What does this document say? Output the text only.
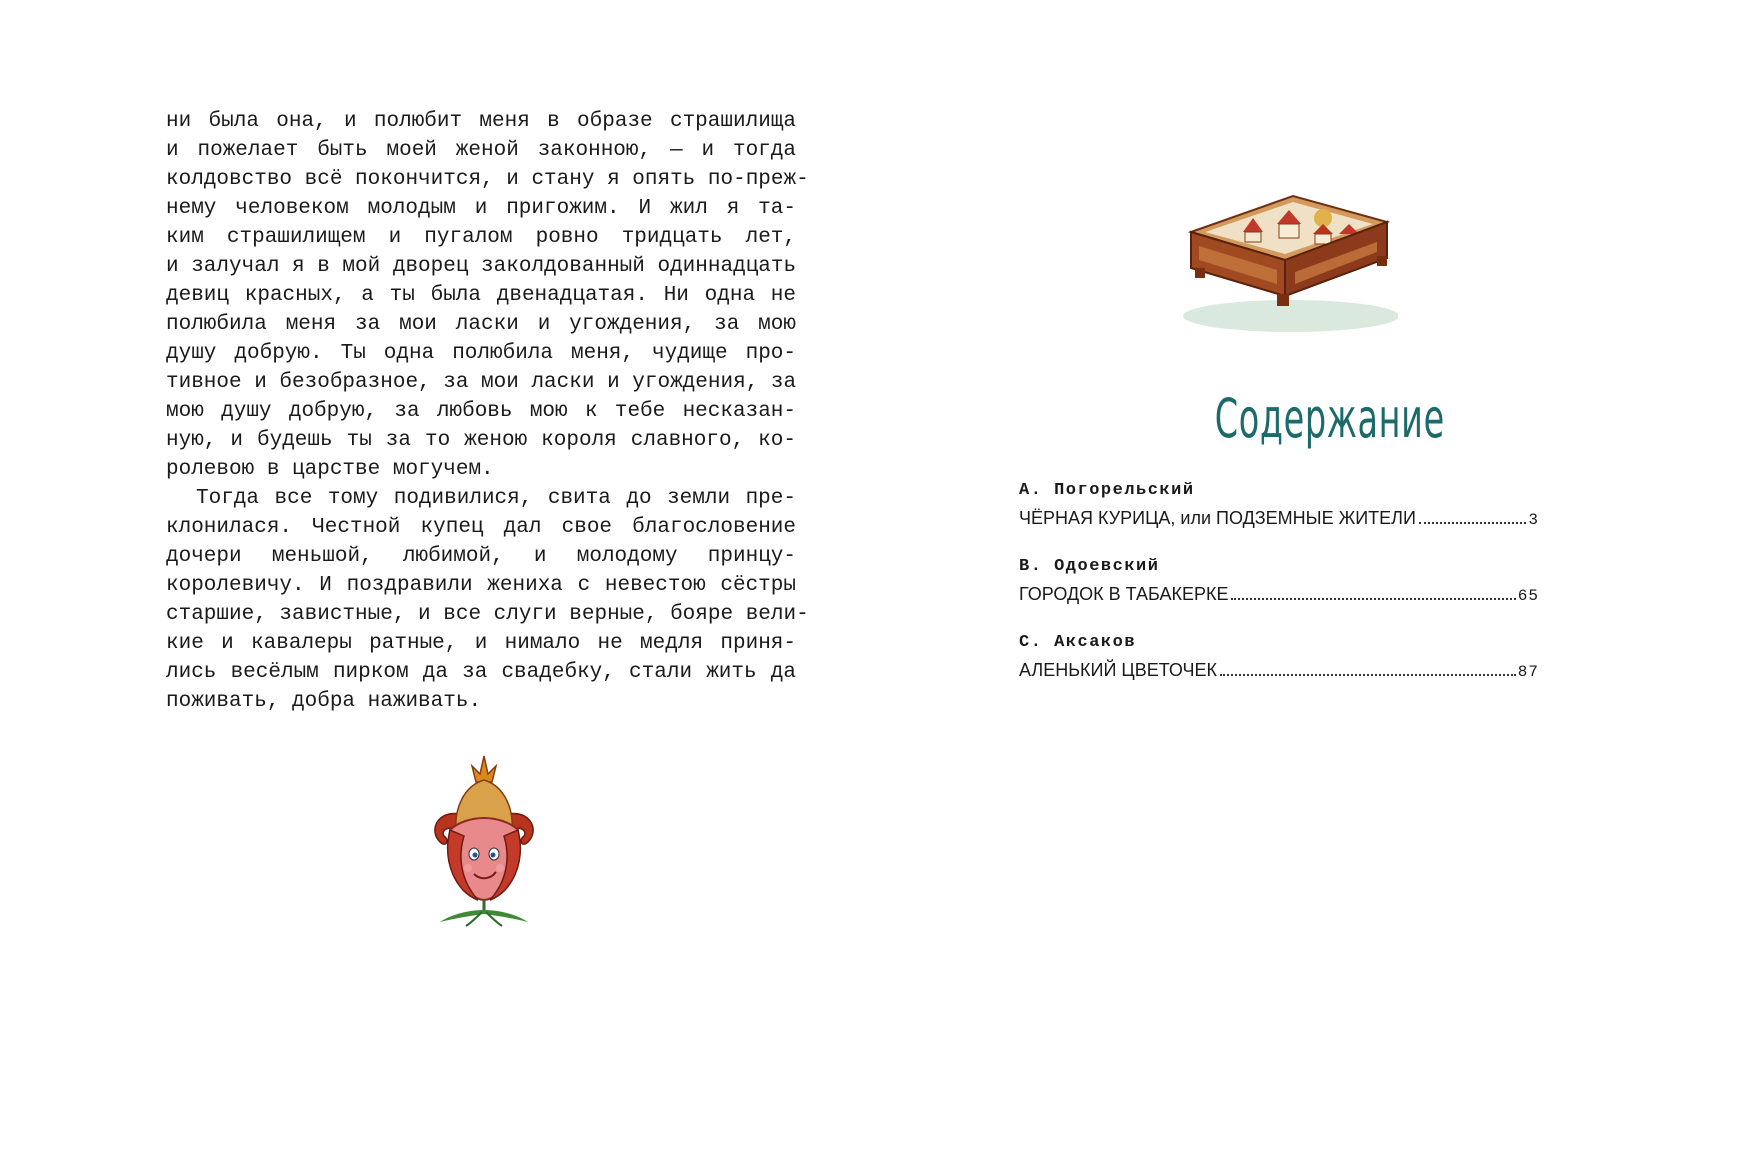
ни была она, и полюбит меня в образе страшилища
и пожелает быть моей женой законною, — и тогда
колдовство всё покончится, и стану я опять по-преж-
нему человеком молодым и пригожим. И жил я та-
ким страшилищем и пугалом ровно тридцать лет,
и залучал я в мой дворец заколдованный одиннадцать
девиц красных, а ты была двенадцатая. Ни одна не
полюбила меня за мои ласки и угождения, за мою
душу добрую. Ты одна полюбила меня, чудище про-
тивное и безобразное, за мои ласки и угождения, за
мою душу добрую, за любовь мою к тебе несказан-
ную, и будешь ты за то женою короля славного, ко-
ролевою в царстве могучем.
Тогда все тому подивилися, свита до земли пре-
клонилася. Честной купец дал свое благословение
дочери меньшой, любимой, и молодому принцу-
королевичу. И поздравили жениха с невестою сёстры
старшие, завистные, и все слуги верные, бояре вели-
кие и кавалеры ратные, и нимало не медля приня-
лись весёлым пирком да за свадебку, стали жить да
поживать, добра наживать.
Содержание
А. Погорельский
ЧЁРНАЯ КУРИЦА, или ПОДЗЕМНЫЕ ЖИТЕЛИ	3
В. Одоевский
ГОРОДОК В ТАБАКЕРКЕ	65
С. Аксаков
АЛЕНЬКИЙ ЦВЕТОЧЕК	87
